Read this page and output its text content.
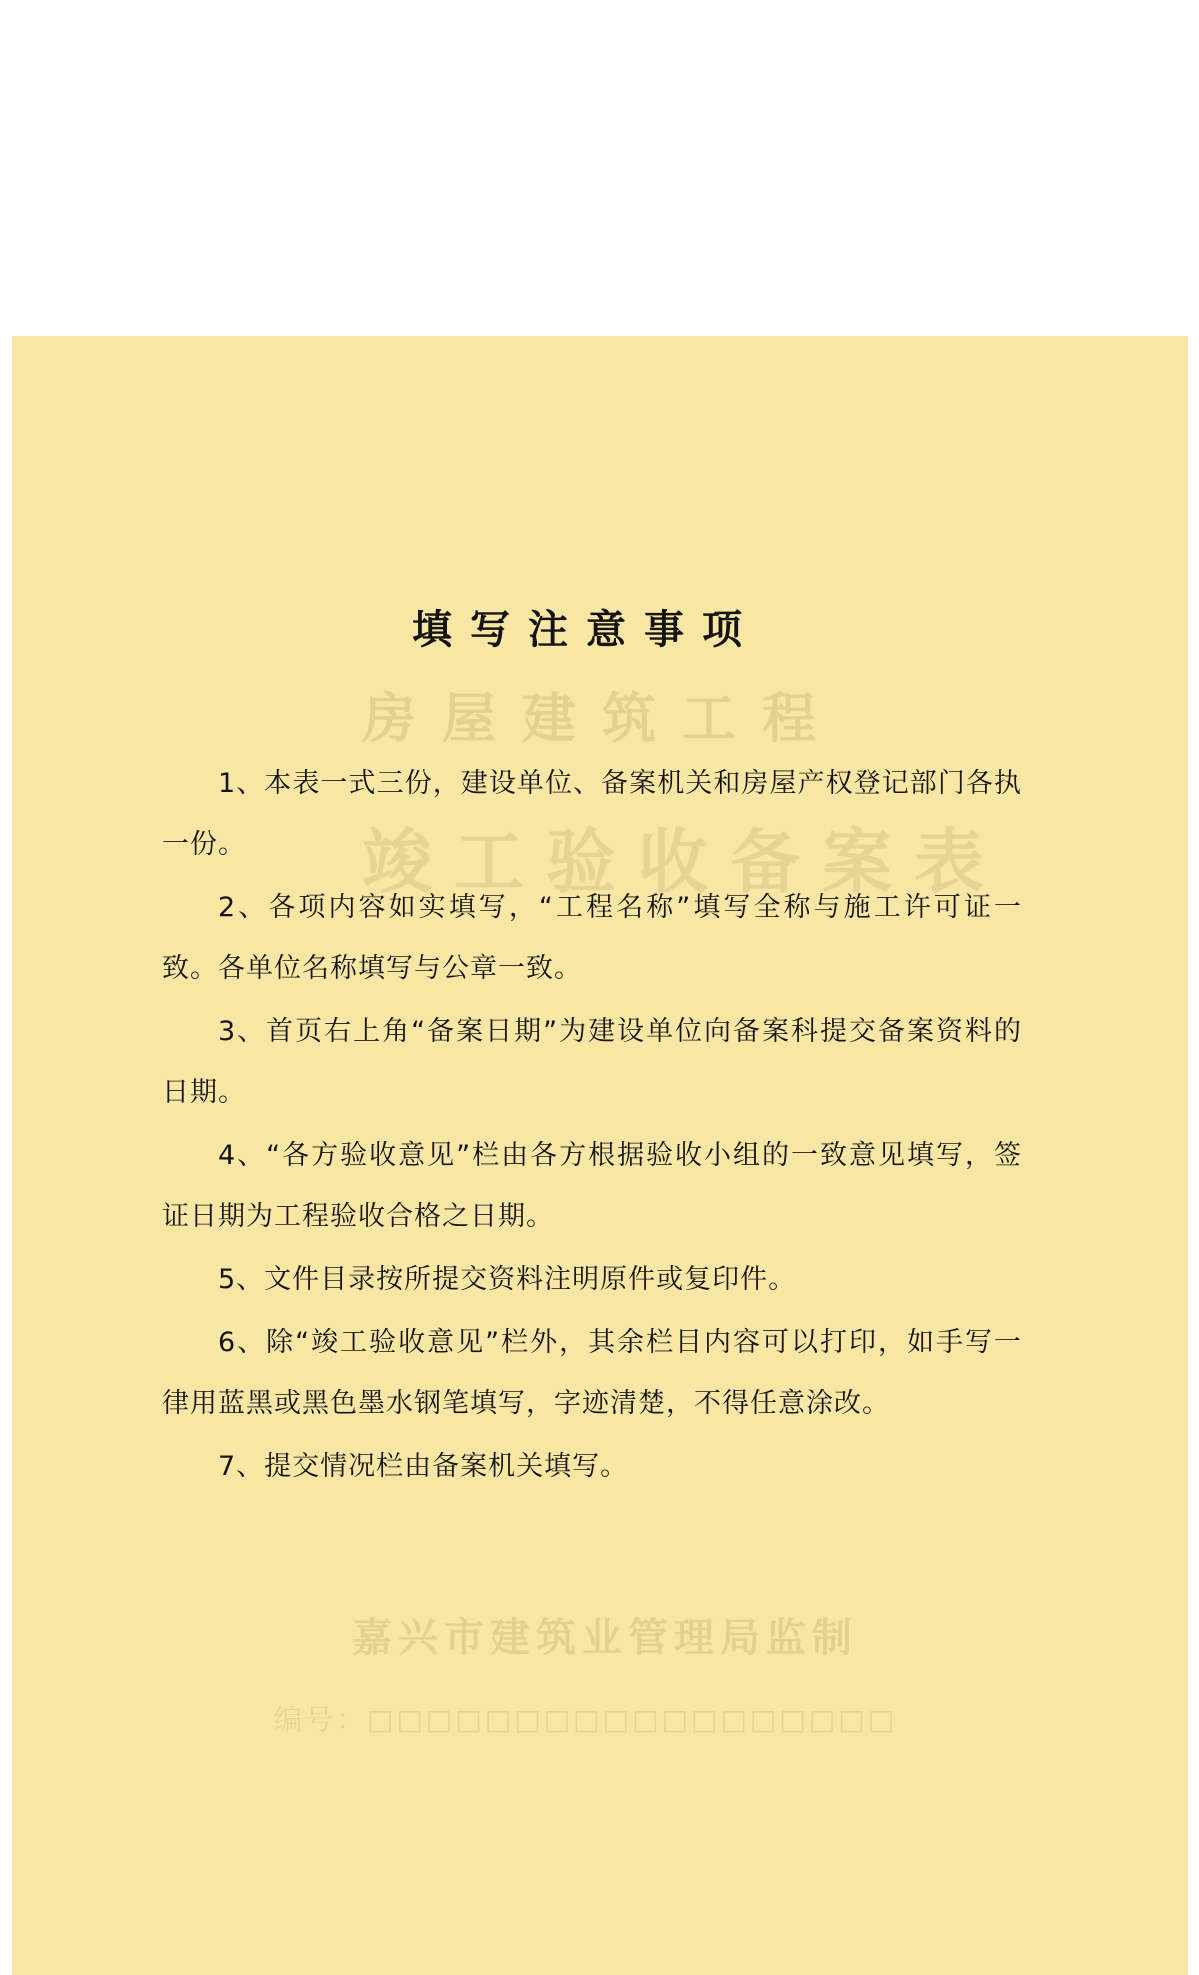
房屋建筑工程
竣工验收备案表
嘉兴市建筑业管理局监制
编号：□□□□□□□□□□□□□□□□□□
填写注意事项

1、本表一式三份，建设单位、备案机关和房屋产权登记部门各执一份。

2、各项内容如实填写，“工程名称”填写全称与施工许可证一致。各单位名称填写与公章一致。

3、首页右上角“备案日期”为建设单位向备案科提交备案资料的日期。

4、“各方验收意见”栏由各方根据验收小组的一致意见填写，签证日期为工程验收合格之日期。

5、文件目录按所提交资料注明原件或复印件。

6、除“竣工验收意见”栏外，其余栏目内容可以打印，如手写一律用蓝黑或黑色墨水钢笔填写，字迹清楚，不得任意涂改。

7、提交情况栏由备案机关填写。
